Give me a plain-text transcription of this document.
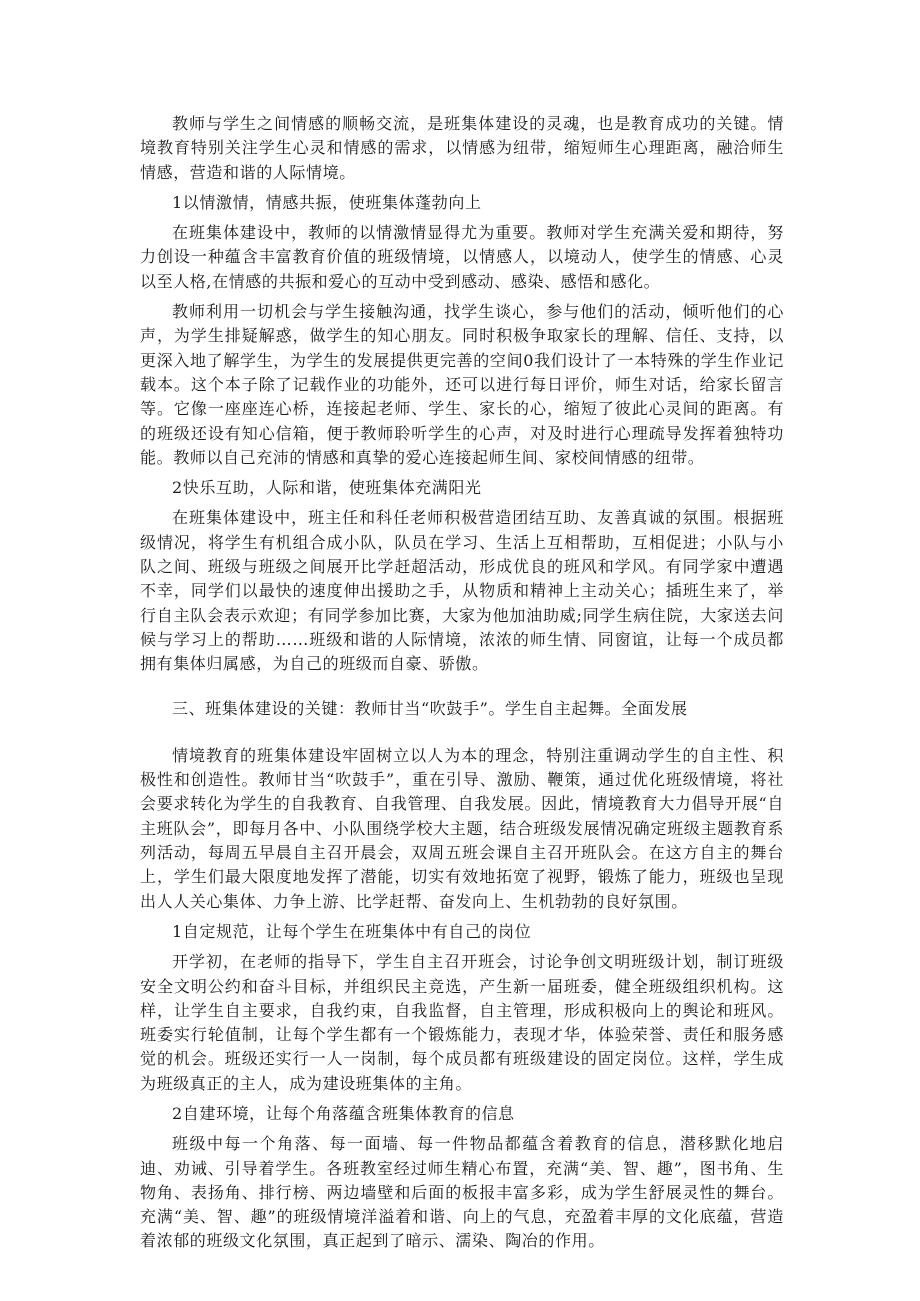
教师与学生之间情感的顺畅交流，是班集体建设的灵魂，也是教育成功的关键。情境教育特别关注学生心灵和情感的需求，以情感为纽带，缩短师生心理距离，融洽师生情感，营造和谐的人际情境。

1以情激情，情感共振，使班集体蓬勃向上

在班集体建设中，教师的以情激情显得尤为重要。教师对学生充满关爱和期待，努力创设一种蕴含丰富教育价值的班级情境，以情感人，以境动人，使学生的情感、心灵以至人格,在情感的共振和爱心的互动中受到感动、感染、感悟和感化。

教师利用一切机会与学生接触沟通，找学生谈心，参与他们的活动，倾听他们的心声，为学生排疑解惑，做学生的知心朋友。同时积极争取家长的理解、信任、支持，以更深入地了解学生，为学生的发展提供更完善的空间0我们设计了一本特殊的学生作业记载本。这个本子除了记载作业的功能外，还可以进行每日评价，师生对话，给家长留言等。它像一座座连心桥，连接起老师、学生、家长的心，缩短了彼此心灵间的距离。有的班级还设有知心信箱，便于教师聆听学生的心声，对及时进行心理疏导发挥着独特功能。教师以自己充沛的情感和真挚的爱心连接起师生间、家校间情感的纽带。

2快乐互助，人际和谐，使班集体充满阳光

在班集体建设中，班主任和科任老师积极营造团结互助、友善真诚的氛围。根据班级情况，将学生有机组合成小队，队员在学习、生活上互相帮助，互相促进；小队与小队之间、班级与班级之间展开比学赶超活动，形成优良的班风和学风。有同学家中遭遇不幸，同学们以最快的速度伸出援助之手，从物质和精神上主动关心；插班生来了，举行自主队会表示欢迎；有同学参加比赛，大家为他加油助威;同学生病住院，大家送去问候与学习上的帮助……班级和谐的人际情境，浓浓的师生情、同窗谊，让每一个成员都拥有集体归属感，为自己的班级而自豪、骄傲。

三、班集体建设的关键：教师甘当“吹鼓手”。学生自主起舞。全面发展

情境教育的班集体建设牢固树立以人为本的理念，特别注重调动学生的自主性、积极性和创造性。教师甘当“吹鼓手”，重在引导、激励、鞭策，通过优化班级情境，将社会要求转化为学生的自我教育、自我管理、自我发展。因此，情境教育大力倡导开展“自主班队会”，即每月各中、小队围绕学校大主题，结合班级发展情况确定班级主题教育系列活动，每周五早晨自主召开晨会，双周五班会课自主召开班队会。在这方自主的舞台上，学生们最大限度地发挥了潜能，切实有效地拓宽了视野，锻炼了能力，班级也呈现出人人关心集体、力争上游、比学赶帮、奋发向上、生机勃勃的良好氛围。

1自定规范，让每个学生在班集体中有自己的岗位

开学初，在老师的指导下，学生自主召开班会，讨论争创文明班级计划，制订班级安全文明公约和奋斗目标，并组织民主竞选，产生新一届班委，健全班级组织机构。这样，让学生自主要求，自我约束，自我监督，自主管理，形成积极向上的舆论和班风。班委实行轮值制，让每个学生都有一个锻炼能力，表现才华，体验荣誉、责任和服务感觉的机会。班级还实行一人一岗制，每个成员都有班级建设的固定岗位。这样，学生成为班级真正的主人，成为建设班集体的主角。

2自建环境，让每个角落蕴含班集体教育的信息

班级中每一个角落、每一面墙、每一件物品都蕴含着教育的信息，潜移默化地启迪、劝诫、引导着学生。各班教室经过师生精心布置，充满“美、智、趣”，图书角、生物角、表扬角、排行榜、两边墙壁和后面的板报丰富多彩，成为学生舒展灵性的舞台。充满“美、智、趣”的班级情境洋溢着和谐、向上的气息，充盈着丰厚的文化底蕴，营造着浓郁的班级文化氛围，真正起到了暗示、濡染、陶冶的作用。
